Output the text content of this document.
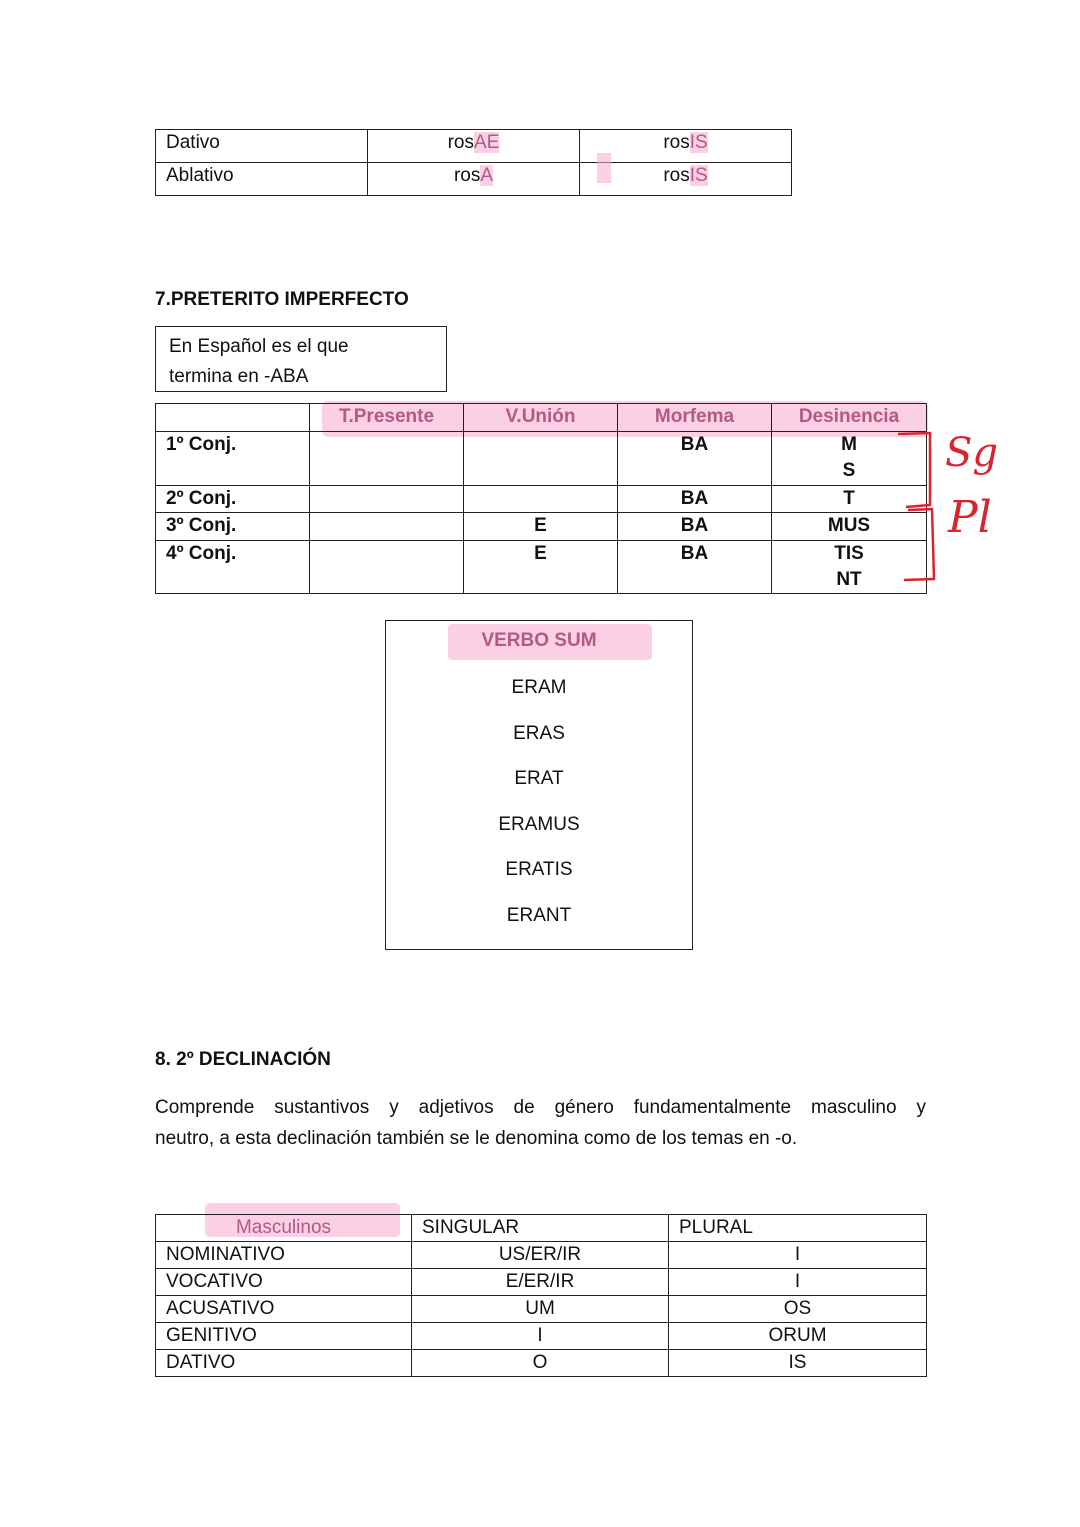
Dativo	rosAE	rosIS
Ablativo	rosA	rosIS
7.PRETERITO IMPERFECTO
En Español es el que
termina en -ABA
	T.Presente	V.Unión	Morfema	Desinencia
1º Conj.			BA	M
S

2º Conj.			BA	T
3º Conj.		E	BA	MUS
4º Conj.		E	BA	TIS
NT
Sg
Pl
VERBO SUM
ERAM
ERAS
ERAT
ERAMUS
ERATIS
ERANT
8. 2º DECLINACIÓN
Comprende sustantivos y adjetivos de género fundamentalmente masculino y
neutro, a esta declinación también se le denomina como de los temas en -o.
Masculinos	SINGULAR	PLURAL
NOMINATIVO	US/ER/IR	I
VOCATIVO	E/ER/IR	I
ACUSATIVO	UM	OS
GENITIVO	I	ORUM
DATIVO	O	IS
